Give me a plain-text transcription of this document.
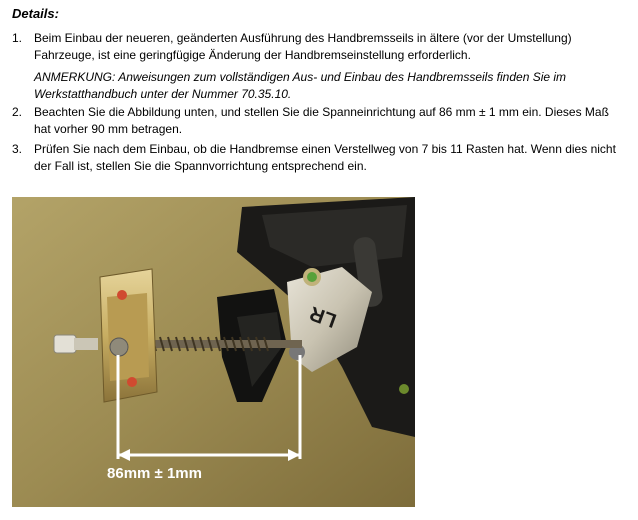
Details:
1. Beim Einbau der neueren, geänderten Ausführung des Handbremsseils in ältere (vor der Umstellung) Fahrzeuge, ist eine geringfügige Änderung der Handbremseinstellung erforderlich.
ANMERKUNG: Anweisungen zum vollständigen Aus- und Einbau des Handbremsseils finden Sie im Werkstatthandbuch unter der Nummer 70.35.10.
2. Beachten Sie die Abbildung unten, und stellen Sie die Spanneinrichtung auf 86 mm ± 1 mm ein. Dieses Maß hat vorher 90 mm betragen.
3. Prüfen Sie nach dem Einbau, ob die Handbremse einen Verstellweg von 7 bis 11 Rasten hat. Wenn dies nicht der Fall ist, stellen Sie die Spannvorrichtung entsprechend ein.
LR
86mm ± 1mm
